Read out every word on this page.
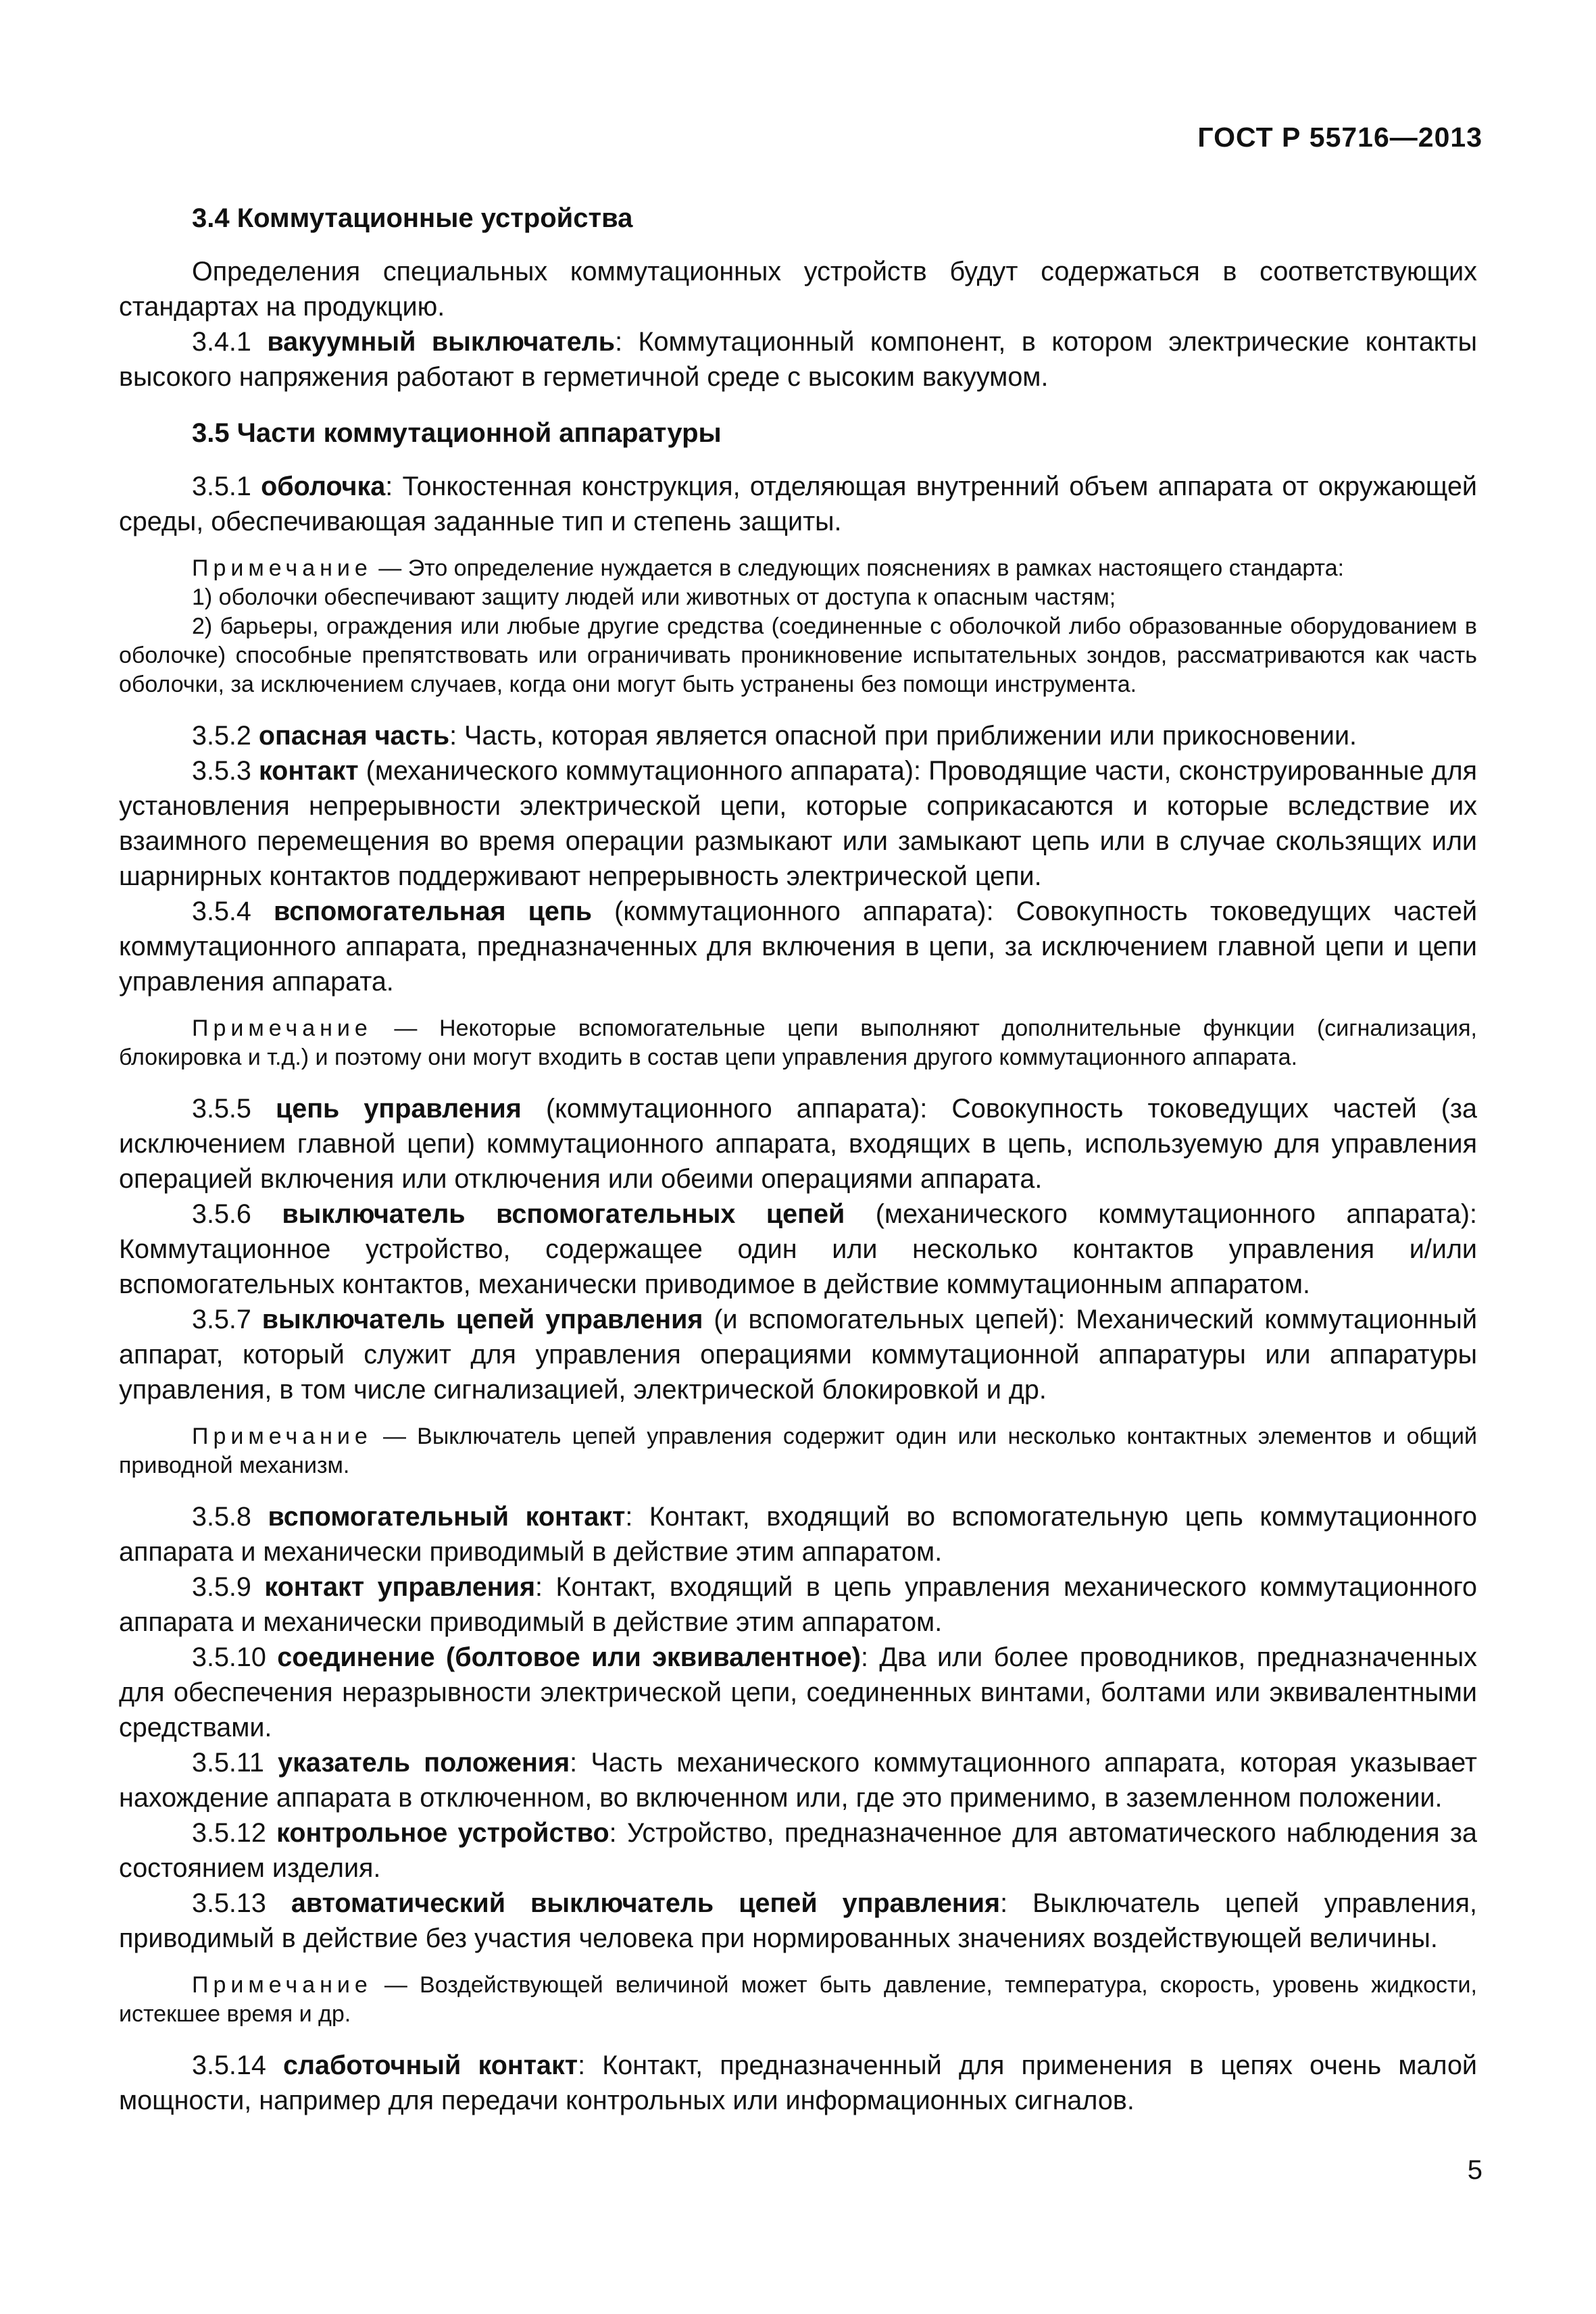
ГОСТ Р 55716—2013

3.4 Коммутационные устройства

Определения специальных коммутационных устройств будут содержаться в соответствующих стандартах на продукцию.

3.4.1 вакуумный выключатель: Коммутационный компонент, в котором электрические контакты высокого напряжения работают в герметичной среде с высоким вакуумом.

3.5 Части коммутационной аппаратуры

3.5.1 оболочка: Тонкостенная конструкция, отделяющая внутренний объем аппарата от окружающей среды, обеспечивающая заданные тип и степень защиты.

Примечание — Это определение нуждается в следующих пояснениях в рамках настоящего стандарта:

1) оболочки обеспечивают защиту людей или животных от доступа к опасным частям;

2) барьеры, ограждения или любые другие средства (соединенные с оболочкой либо образованные оборудованием в оболочке) способные препятствовать или ограничивать проникновение испытательных зондов, рассматриваются как часть оболочки, за исключением случаев, когда они могут быть устранены без помощи инструмента.

3.5.2 опасная часть: Часть, которая является опасной при приближении или прикосновении.

3.5.3 контакт (механического коммутационного аппарата): Проводящие части, сконструированные для установления непрерывности электрической цепи, которые соприкасаются и которые вследствие их взаимного перемещения во время операции размыкают или замыкают цепь или в случае скользящих или шарнирных контактов поддерживают непрерывность электрической цепи.

3.5.4 вспомогательная цепь (коммутационного аппарата): Совокупность токоведущих частей коммутационного аппарата, предназначенных для включения в цепи, за исключением главной цепи и цепи управления аппарата.

Примечание — Некоторые вспомогательные цепи выполняют дополнительные функции (сигнализация, блокировка и т.д.) и поэтому они могут входить в состав цепи управления другого коммутационного аппарата.

3.5.5 цепь управления (коммутационного аппарата): Совокупность токоведущих частей (за исключением главной цепи) коммутационного аппарата, входящих в цепь, используемую для управления операцией включения или отключения или обеими операциями аппарата.

3.5.6 выключатель вспомогательных цепей (механического коммутационного аппарата): Коммутационное устройство, содержащее один или несколько контактов управления и/или вспомогательных контактов, механически приводимое в действие коммутационным аппаратом.

3.5.7 выключатель цепей управления (и вспомогательных цепей): Механический коммутационный аппарат, который служит для управления операциями коммутационной аппаратуры или аппаратуры управления, в том числе сигнализацией, электрической блокировкой и др.

Примечание — Выключатель цепей управления содержит один или несколько контактных элементов и общий приводной механизм.

3.5.8 вспомогательный контакт: Контакт, входящий во вспомогательную цепь коммутационного аппарата и механически приводимый в действие этим аппаратом.

3.5.9 контакт управления: Контакт, входящий в цепь управления механического коммутационного аппарата и механически приводимый в действие этим аппаратом.

3.5.10 соединение (болтовое или эквивалентное): Два или более проводников, предназначенных для обеспечения неразрывности электрической цепи, соединенных винтами, болтами или эквивалентными средствами.

3.5.11 указатель положения: Часть механического коммутационного аппарата, которая указывает нахождение аппарата в отключенном, во включенном или, где это применимо, в заземленном положении.

3.5.12 контрольное устройство: Устройство, предназначенное для автоматического наблюдения за состоянием изделия.

3.5.13 автоматический выключатель цепей управления: Выключатель цепей управления, приводимый в действие без участия человека при нормированных значениях воздействующей величины.

Примечание — Воздействующей величиной может быть давление, температура, скорость, уровень жидкости, истекшее время и др.

3.5.14 слаботочный контакт: Контакт, предназначенный для применения в цепях очень малой мощности, например для передачи контрольных или информационных сигналов.

5
